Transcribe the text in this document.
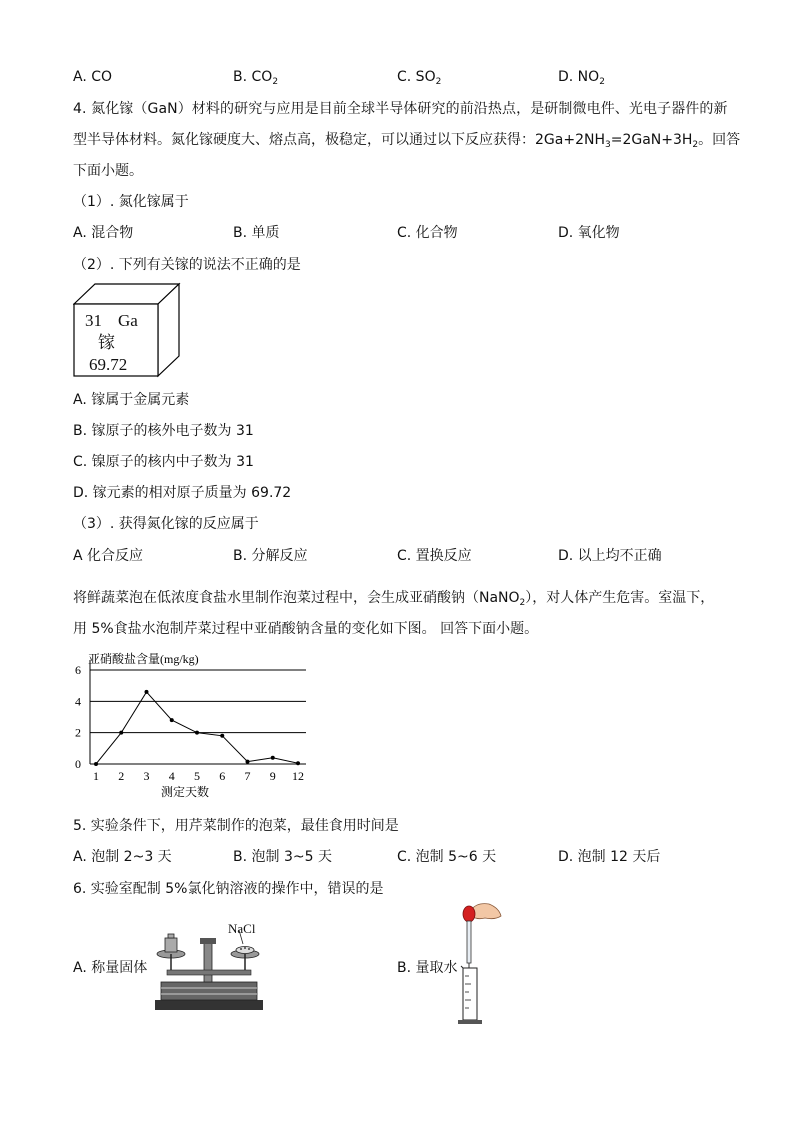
A. CO	B. $CO_2$	C. $SO_2$	D. $NO_2$
4. 氮化镓（GaN）材料的研究与应用是目前全球半导体研究的前沿热点，是研制微电件、光电子器件的新
型半导体材料。氮化镓硬度大、熔点高，极稳定，可以通过以下反应获得：$2Ga+2NH_3=2GaN+3H_2$。回答
下面小题。
（1）. 氮化镓属于
A. 混合物	B. 单质	C. 化合物	D. 氧化物
（2）. 下列有关镓的说法不正确的是
31 Ga
镓
69.72
A. 镓属于金属元素
B. 镓原子的核外电子数为 31
C. 镍原子的核内中子数为 31
D. 镓元素的相对原子质量为 69.72
（3）. 获得氮化镓的反应属于
A 化合反应	B. 分解反应	C. 置换反应	D. 以上均不正确
将鲜蔬菜泡在低浓度食盐水里制作泡菜过程中，会生成亚硝酸钠（NaNO$_2$），对人体产生危害。室温下，
用 5%食盐水泡制芹菜过程中亚硝酸钠含量的变化如下图。 回答下面小题。
0
2
4
6
1 2 3 4 5 6 7 9 12
亚硝酸盐含量(mg/kg)
测定天数
5. 实验条件下，用芹菜制作的泡菜，最佳食用时间是
A. 泡制 2~3 天	B. 泡制 3~5 天	C. 泡制 5~6 天	D. 泡制 12 天后
6. 实验室配制 5%氯化钠溶液的操作中，错误的是
A. 称量固体
NaCl
B. 量取水
